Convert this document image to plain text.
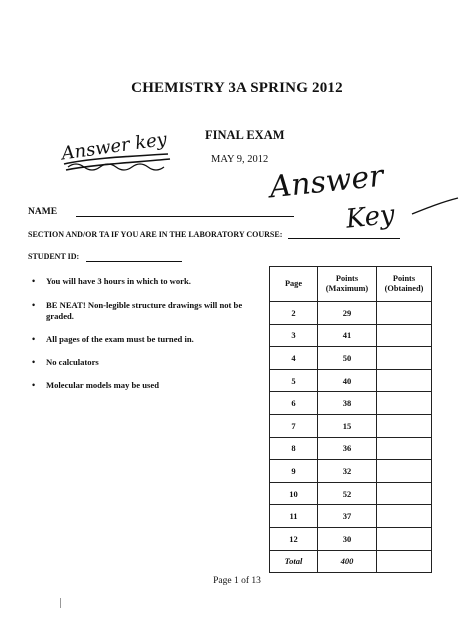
CHEMISTRY 3A SPRING 2012
Answer key	FINAL EXAM
MAY 9, 2012 Answer
Key
NAME
SECTION AND/OR TA IF YOU ARE IN THE LABORATORY COURSE:
STUDENT ID:
• You will have 3 hours in which to work.
• BE NEAT! Non-legible structure drawings will not be graded.
• All pages of the exam must be turned in.
• No calculators
• Molecular models may be used
Page	Points (Maximum)	Points (Obtained)
2	29	
3	41	
4	50	
5	40	
6	38	
7	15	
8	36	
9	32	
10	52	
11	37	
12	30	
Total	400	
Page 1 of 13
